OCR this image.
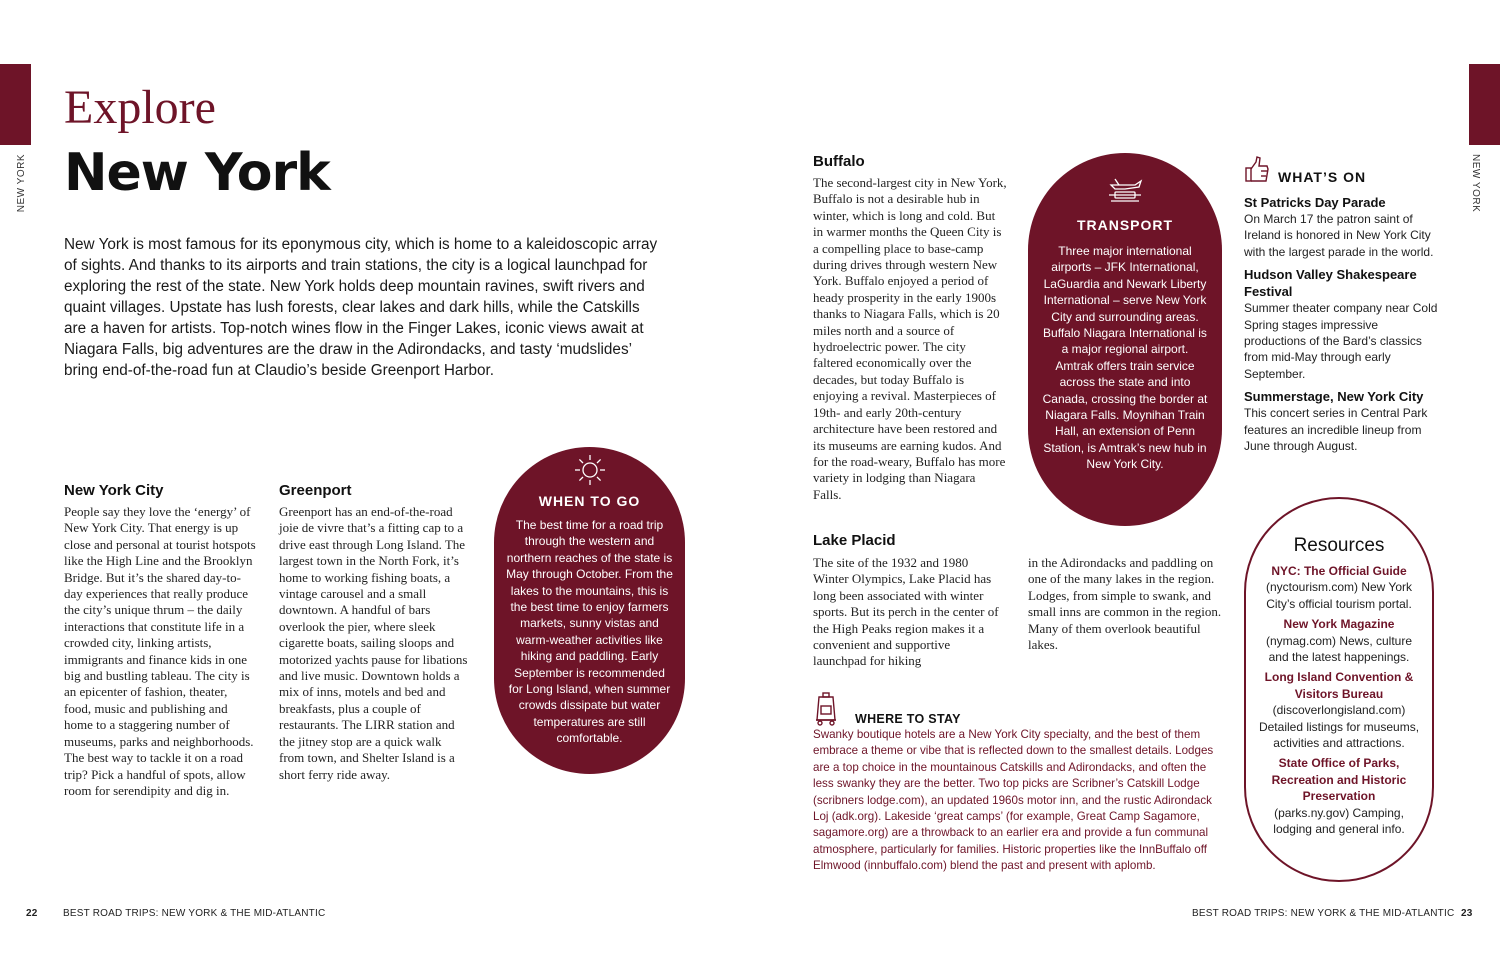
NEW YORK	NEW YORK
Explore
New York
New York is most famous for its eponymous city, which is home to a kaleidoscopic array of sights. And thanks to its airports and train stations, the city is a logical launchpad for exploring the rest of the state. New York holds deep mountain ravines, swift rivers and quaint villages. Upstate has lush forests, clear lakes and dark hills, while the Catskills are a haven for artists. Top-notch wines flow in the Finger Lakes, iconic views await at Niagara Falls, big adventures are the draw in the Adirondacks, and tasty ‘mudslides’ bring end-of-the-road fun at Claudio’s beside Greenport Harbor.
New York City
People say they love the ‘energy’ of New York City. That energy is up close and personal at tourist hotspots like the High Line and the Brooklyn Bridge. But it’s the shared day-to-day experiences that really produce the city’s unique thrum – the daily interactions that constitute life in a crowded city, linking artists, immigrants and finance kids in one big and bustling tableau. The city is an epicenter of fashion, theater, food, music and publishing and home to a staggering number of museums, parks and neighborhoods. The best way to tackle it on a road trip? Pick a handful of spots, allow room for serendipity and dig in.
Greenport
Greenport has an end-of-the-road joie de vivre that’s a fitting cap to a drive east through Long Island. The largest town in the North Fork, it’s home to working fishing boats, a vintage carousel and a small downtown. A handful of bars overlook the pier, where sleek cigarette boats, sailing sloops and motorized yachts pause for libations and live music. Downtown holds a mix of inns, motels and bed and breakfasts, plus a couple of restaurants. The LIRR station and the jitney stop are a quick walk from town, and Shelter Island is a short ferry ride away.
WHEN TO GO
The best time for a road trip through the western and northern reaches of the state is May through October. From the lakes to the mountains, this is the best time to enjoy farmers markets, sunny vistas and warm-weather activities like hiking and paddling. Early September is recommended for Long Island, when summer crowds dissipate but water temperatures are still comfortable.
Buffalo
The second-largest city in New York, Buffalo is not a desirable hub in winter, which is long and cold. But in warmer months the Queen City is a compelling place to base-camp during drives through western New York. Buffalo enjoyed a period of heady prosperity in the early 1900s thanks to Niagara Falls, which is 20 miles north and a source of hydroelectric power. The city faltered economically over the decades, but today Buffalo is enjoying a revival. Masterpieces of 19th- and early 20th-century architecture have been restored and its museums are earning kudos. And for the road-weary, Buffalo has more variety in lodging than Niagara Falls.
TRANSPORT
Three major international airports – JFK International, LaGuardia and Newark Liberty International – serve New York City and surrounding areas. Buffalo Niagara International is a major regional airport. Amtrak offers train service across the state and into Canada, crossing the border at Niagara Falls. Moynihan Train Hall, an extension of Penn Station, is Amtrak’s new hub in New York City.
WHAT’S ON
St Patricks Day Parade
On March 17 the patron saint of Ireland is honored in New York City with the largest parade in the world.
Hudson Valley Shakespeare Festival
Summer theater company near Cold Spring stages impressive productions of the Bard’s classics from mid-May through early September.
Summerstage, New York City
This concert series in Central Park features an incredible lineup from June through August.
Lake Placid
The site of the 1932 and 1980 Winter Olympics, Lake Placid has long been associated with winter sports. But its perch in the center of the High Peaks region makes it a convenient and supportive launchpad for hiking
in the Adirondacks and paddling on one of the many lakes in the region. Lodges, from simple to swank, and small inns are common in the region. Many of them overlook beautiful lakes.
WHERE TO STAY
Swanky boutique hotels are a New York City specialty, and the best of them embrace a theme or vibe that is reflected down to the smallest details. Lodges are a top choice in the mountainous Catskills and Adirondacks, and often the less swanky they are the better. Two top picks are Scribner’s Catskill Lodge (scribners lodge.com), an updated 1960s motor inn, and the rustic Adirondack Loj (adk.org). Lakeside ‘great camps’ (for example, Great Camp Sagamore, sagamore.org) are a throwback to an earlier era and provide a fun communal atmosphere, particularly for families. Historic properties like the InnBuffalo off Elmwood (innbuffalo.com) blend the past and present with aplomb.
Resources
NYC: The Official Guide
(nyctourism.com) New York City’s official tourism portal.
New York Magazine
(nymag.com) News, culture and the latest happenings.
Long Island Convention & Visitors Bureau
(discoverlongisland.com) Detailed listings for museums, activities and attractions.
State Office of Parks, Recreation and Historic Preservation
(parks.ny.gov) Camping, lodging and general info.
22	BEST ROAD TRIPS: NEW YORK & THE MID-ATLANTIC	BEST ROAD TRIPS: NEW YORK & THE MID-ATLANTIC 23
